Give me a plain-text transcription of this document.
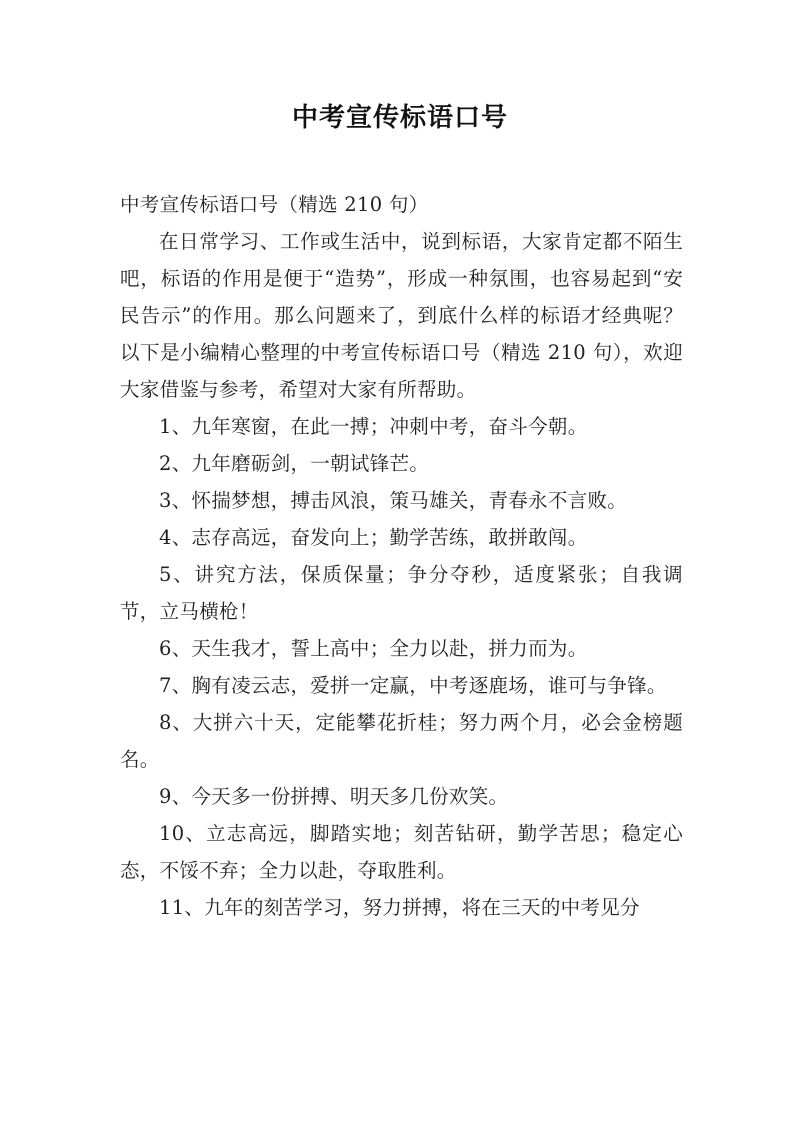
中考宣传标语口号

中考宣传标语口号（精选 210 句）

在日常学习、工作或生活中，说到标语，大家肯定都不陌生吧，标语的作用是便于“造势”，形成一种氛围，也容易起到“安民告示”的作用。那么问题来了，到底什么样的标语才经典呢？以下是小编精心整理的中考宣传标语口号（精选 210 句），欢迎大家借鉴与参考，希望对大家有所帮助。

1、九年寒窗，在此一搏；冲刺中考，奋斗今朝。

2、九年磨砺剑，一朝试锋芒。

3、怀揣梦想，搏击风浪，策马雄关，青春永不言败。

4、志存高远，奋发向上；勤学苦练，敢拼敢闯。

5、讲究方法，保质保量；争分夺秒，适度紧张；自我调节，立马横枪！

6、天生我才，誓上高中；全力以赴，拼力而为。

7、胸有凌云志，爱拼一定赢，中考逐鹿场，谁可与争锋。

8、大拼六十天，定能攀花折桂；努力两个月，必会金榜题名。

9、今天多一份拼搏、明天多几份欢笑。

10、立志高远，脚踏实地；刻苦钻研，勤学苦思；稳定心态，不馁不弃；全力以赴，夺取胜利。

11、九年的刻苦学习，努力拼搏，将在三天的中考见分
